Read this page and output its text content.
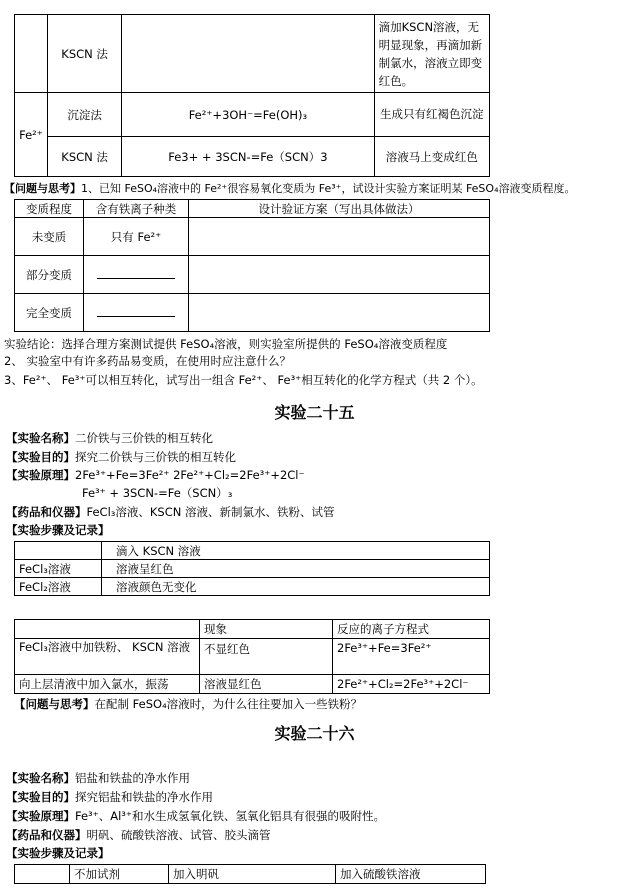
	KSCN 法		滴加KSCN溶液，无明显现象，再滴加新制氯水，溶液立即变红色。
Fe²⁺	沉淀法	Fe²⁺+3OH⁻=Fe(OH)₃	生成只有红褐色沉淀
	KSCN 法	Fe3+ + 3SCN-=Fe（SCN）3	溶液马上变成红色
【问题与思考】1、已知 FeSO₄溶液中的 Fe²⁺很容易氧化变质为 Fe³⁺，试设计实验方案证明某 FeSO₄溶液变质程度。
变质程度	含有铁离子种类	设计验证方案（写出具体做法）
未变质	只有 Fe²⁺	
部分变质		
完全变质		
实验结论：选择合理方案测试提供 FeSO₄溶液，则实验室所提供的 FeSO₄溶液变质程度
2、 实验室中有许多药品易变质，在使用时应注意什么？
3、Fe²⁺、 Fe³⁺可以相互转化，试写出一组含 Fe²⁺、 Fe³⁺相互转化的化学方程式（共 2 个）。
实验二十五
【实验名称】二价铁与三价铁的相互转化
【实验目的】探究二价铁与三价铁的相互转化
【实验原理】2Fe³⁺+Fe=3Fe²⁺ 2Fe²⁺+Cl₂=2Fe³⁺+2Cl⁻
Fe³⁺ + 3SCN-=Fe（SCN）₃
【药品和仪器】FeCl₃溶液、KSCN 溶液、新制氯水、铁粉、试管
【实验步骤及记录】
	滴入 KSCN 溶液
FeCl₃溶液	溶液呈红色
FeCl₂溶液	溶液颜色无变化
	现象	反应的离子方程式
FeCl₃溶液中加铁粉、 KSCN 溶液	不显红色	2Fe³⁺+Fe=3Fe²⁺
向上层清液中加入氯水，振荡	溶液显红色	2Fe²⁺+Cl₂=2Fe³⁺+2Cl⁻
【问题与思考】在配制 FeSO₄溶液时，为什么往往要加入一些铁粉？
实验二十六
【实验名称】铝盐和铁盐的净水作用
【实验目的】探究铝盐和铁盐的净水作用
【实验原理】Fe³⁺、Al³⁺和水生成氢氧化铁、氢氧化铝具有很强的吸附性。
【药品和仪器】明矾、硫酸铁溶液、试管、胶头滴管
【实验步骤及记录】
	不加试剂	加入明矾	加入硫酸铁溶液
